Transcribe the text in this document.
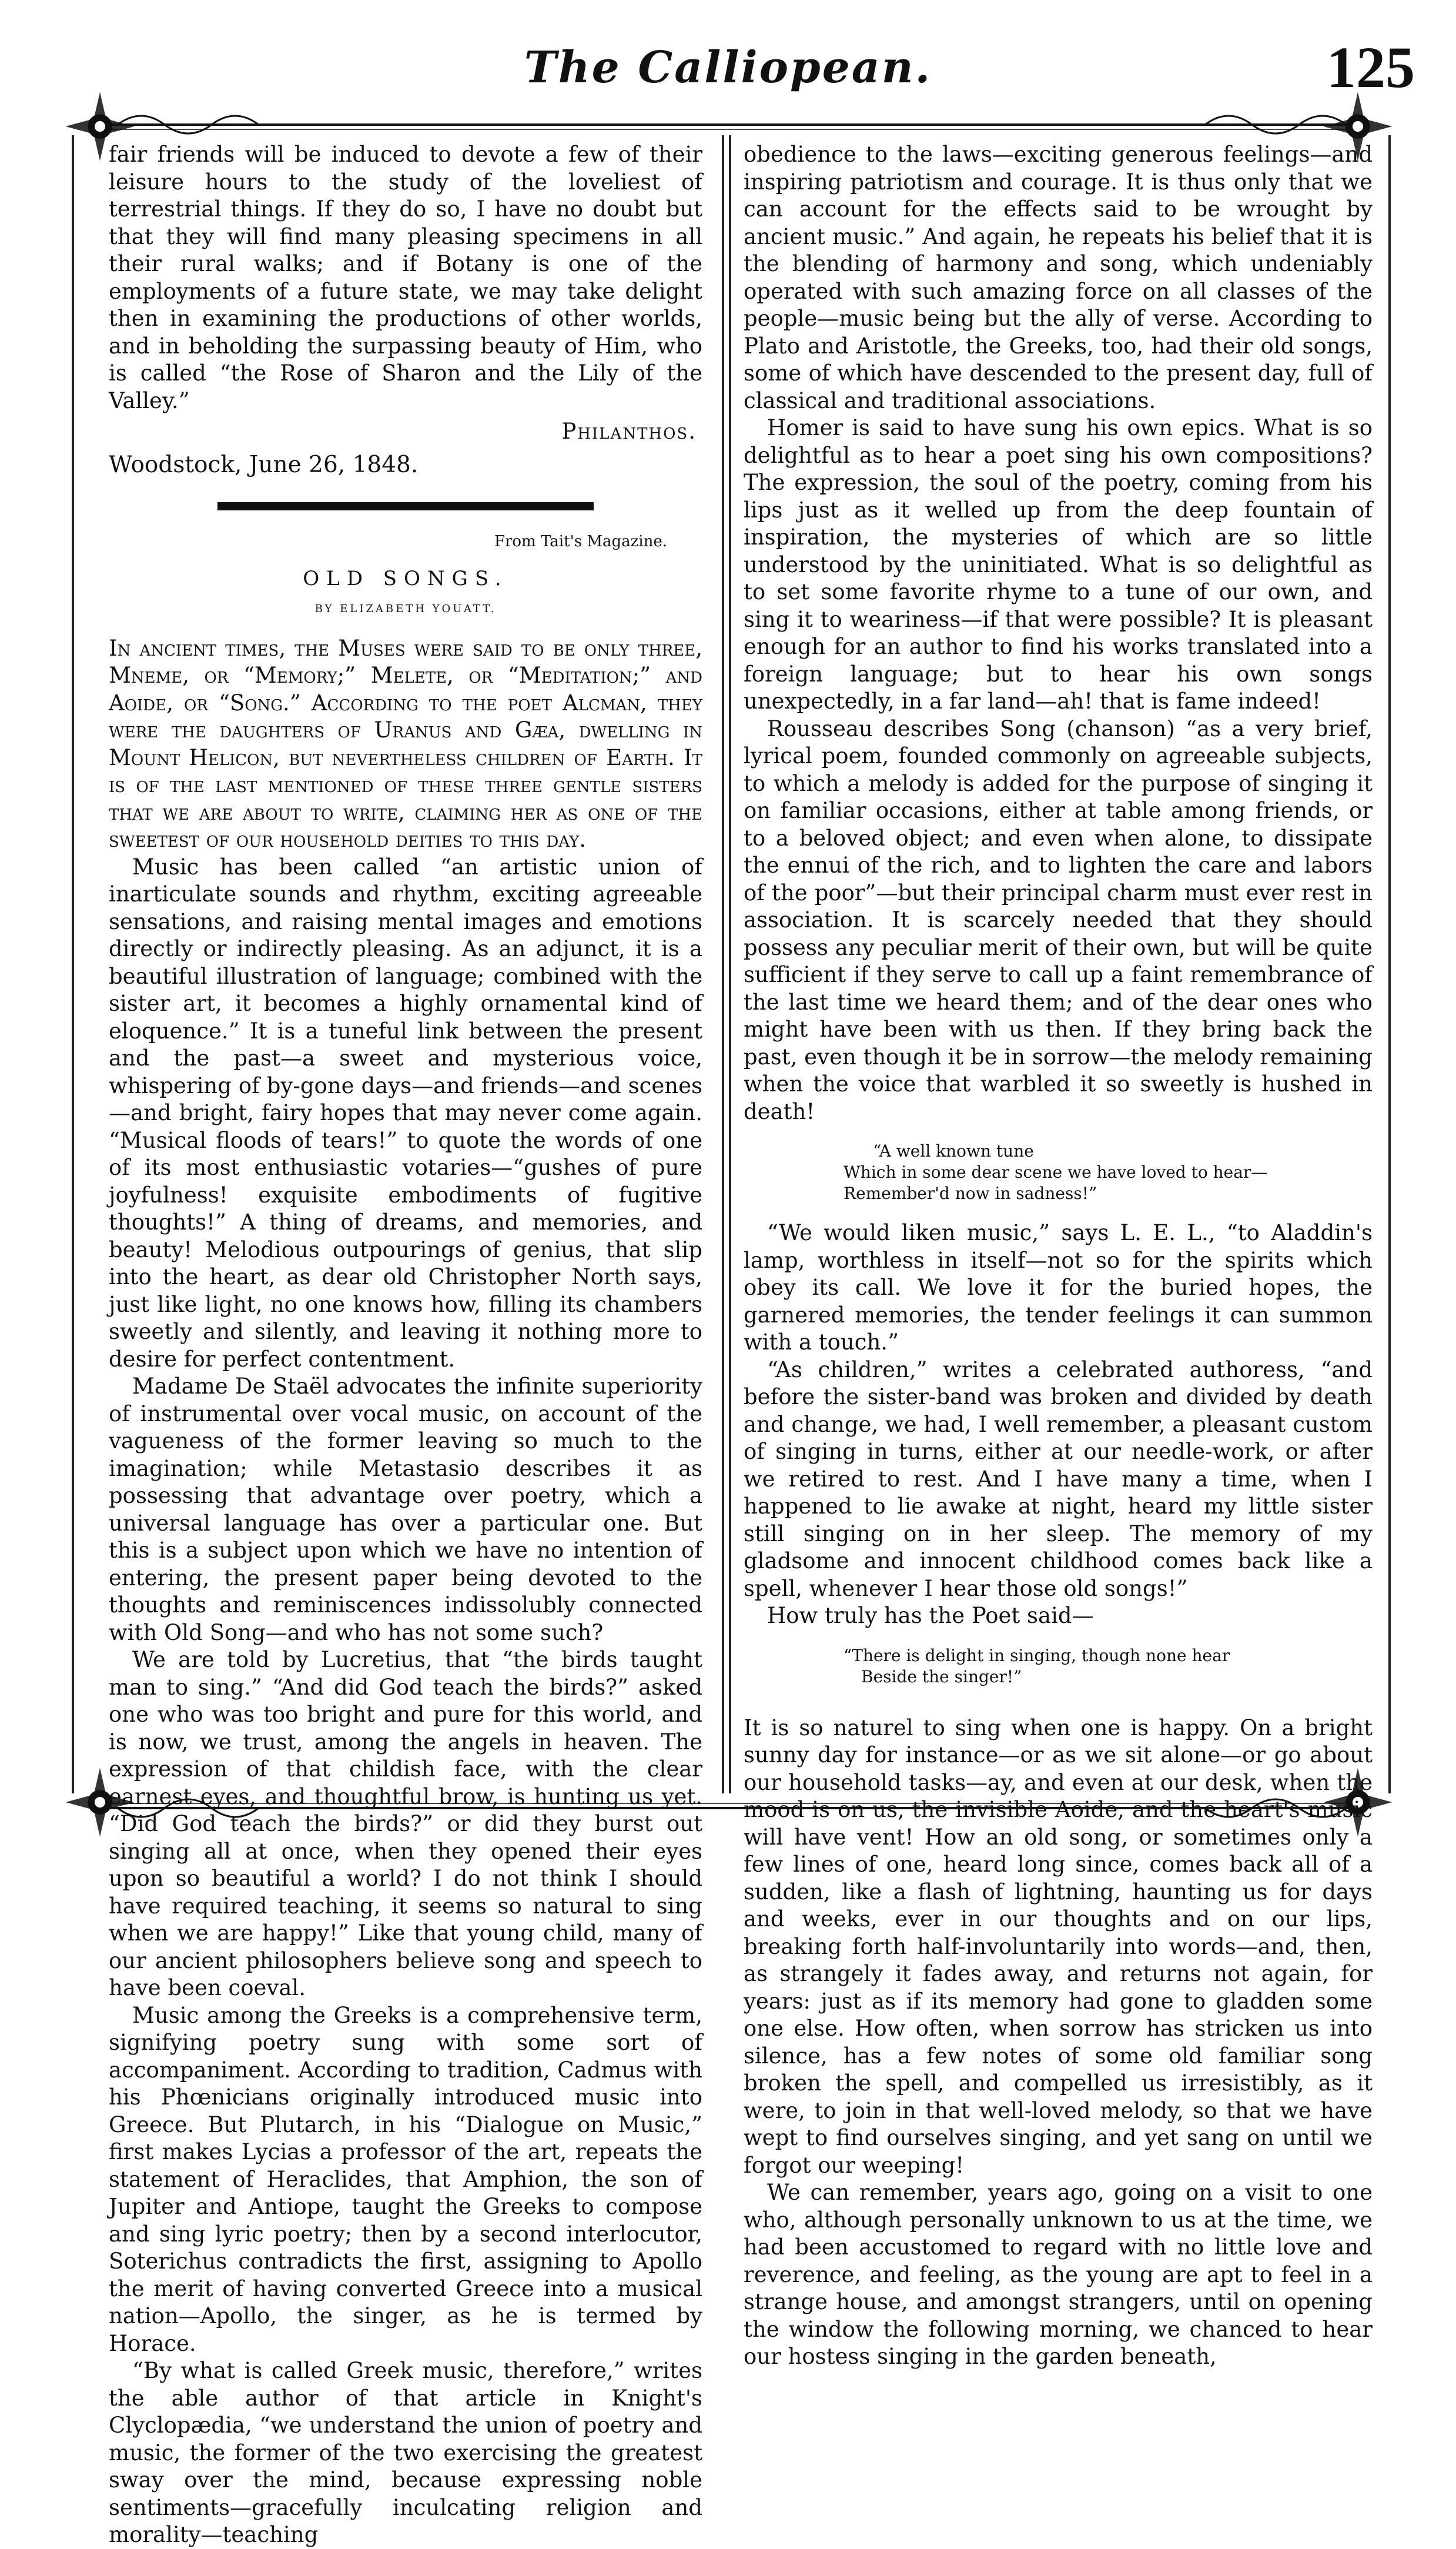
The Calliopean.	125

fair friends will be induced to devote a few of their leisure hours to the study of the loveliest of terrestrial things. If they do so, I have no doubt but that they will find many pleasing specimens in all their rural walks; and if Botany is one of the employments of a future state, we may take delight then in examining the productions of other worlds, and in beholding the surpassing beauty of Him, who is called “the Rose of Sharon and the Lily of the Valley.”

Philanthos.

Woodstock, June 26, 1848.

From Tait's Magazine.
OLD SONGS.
BY ELIZABETH YOUATT.

In ancient times, the Muses were said to be only three, Mneme, or “Memory;” Melete, or “Meditation;” and Aoide, or “Song.” According to the poet Alcman, they were the daughters of Uranus and Gæa, dwelling in Mount Helicon, but nevertheless children of Earth. It is of the last mentioned of these three gentle sisters that we are about to write, claiming her as one of the sweetest of our household deities to this day.

Music has been called “an artistic union of inarticulate sounds and rhythm, exciting agreeable sensations, and raising mental images and emotions directly or indirectly pleasing. As an adjunct, it is a beautiful illustration of language; combined with the sister art, it becomes a highly ornamental kind of eloquence.” It is a tuneful link between the present and the past—a sweet and mysterious voice, whispering of by-gone days—and friends—and scenes—and bright, fairy hopes that may never come again. “Musical floods of tears!” to quote the words of one of its most enthusiastic votaries—“gushes of pure joyfulness! exquisite embodiments of fugitive thoughts!” A thing of dreams, and memories, and beauty! Melodious outpourings of genius, that slip into the heart, as dear old Christopher North says, just like light, no one knows how, filling its chambers sweetly and silently, and leaving it nothing more to desire for perfect contentment.

Madame De Staël advocates the infinite superiority of instrumental over vocal music, on account of the vagueness of the former leaving so much to the imagination; while Metastasio describes it as possessing that advantage over poetry, which a universal language has over a particular one. But this is a subject upon which we have no intention of entering, the present paper being devoted to the thoughts and reminiscences indissolubly connected with Old Song—and who has not some such?

We are told by Lucretius, that “the birds taught man to sing.” “And did God teach the birds?” asked one who was too bright and pure for this world, and is now, we trust, among the angels in heaven. The expression of that childish face, with the clear earnest eyes, and thoughtful brow, is hunting us yet. “Did God teach the birds?” or did they burst out singing all at once, when they opened their eyes upon so beautiful a world? I do not think I should have required teaching, it seems so natural to sing when we are happy!” Like that young child, many of our ancient philosophers believe song and speech to have been coeval.

Music among the Greeks is a comprehensive term, signifying poetry sung with some sort of accompaniment. According to tradition, Cadmus with his Phœnicians originally introduced music into Greece. But Plutarch, in his “Dialogue on Music,” first makes Lycias a professor of the art, repeats the statement of Heraclides, that Amphion, the son of Jupiter and Antiope, taught the Greeks to compose and sing lyric poetry; then by a second interlocutor, Soterichus contradicts the first, assigning to Apollo the merit of having converted Greece into a musical nation—Apollo, the singer, as he is termed by Horace.

“By what is called Greek music, therefore,” writes the able author of that article in Knight's Clyclopædia, “we understand the union of poetry and music, the former of the two exercising the greatest sway over the mind, because expressing noble sentiments—gracefully inculcating religion and morality—teaching

obedience to the laws—exciting generous feelings—and inspiring patriotism and courage. It is thus only that we can account for the effects said to be wrought by ancient music.” And again, he repeats his belief that it is the blending of harmony and song, which undeniably operated with such amazing force on all classes of the people—music being but the ally of verse. According to Plato and Aristotle, the Greeks, too, had their old songs, some of which have descended to the present day, full of classical and traditional associations.

Homer is said to have sung his own epics. What is so delightful as to hear a poet sing his own compositions? The expression, the soul of the poetry, coming from his lips just as it welled up from the deep fountain of inspiration, the mysteries of which are so little understood by the uninitiated. What is so delightful as to set some favorite rhyme to a tune of our own, and sing it to weariness—if that were possible? It is pleasant enough for an author to find his works translated into a foreign language; but to hear his own songs unexpectedly, in a far land—ah! that is fame indeed!

Rousseau describes Song (chanson) “as a very brief, lyrical poem, founded commonly on agreeable subjects, to which a melody is added for the purpose of singing it on familiar occasions, either at table among friends, or to a beloved object; and even when alone, to dissipate the ennui of the rich, and to lighten the care and labors of the poor”—but their principal charm must ever rest in association. It is scarcely needed that they should possess any peculiar merit of their own, but will be quite sufficient if they serve to call up a faint remembrance of the last time we heard them; and of the dear ones who might have been with us then. If they bring back the past, even though it be in sorrow—the melody remaining when the voice that warbled it so sweetly is hushed in death!

“A well known tune
Which in some dear scene we have loved to hear—
Remember'd now in sadness!”

“We would liken music,” says L. E. L., “to Aladdin's lamp, worthless in itself—not so for the spirits which obey its call. We love it for the buried hopes, the garnered memories, the tender feelings it can summon with a touch.”

“As children,” writes a celebrated authoress, “and before the sister-band was broken and divided by death and change, we had, I well remember, a pleasant custom of singing in turns, either at our needle-work, or after we retired to rest. And I have many a time, when I happened to lie awake at night, heard my little sister still singing on in her sleep. The memory of my gladsome and innocent childhood comes back like a spell, whenever I hear those old songs!”

How truly has the Poet said—

“There is delight in singing, though none hear
Beside the singer!”

It is so naturel to sing when one is happy. On a bright sunny day for instance—or as we sit alone—or go about our household tasks—ay, and even at our desk, when the mood is on us, the invisible Aoide, and the heart's music will have vent! How an old song, or sometimes only a few lines of one, heard long since, comes back all of a sudden, like a flash of lightning, haunting us for days and weeks, ever in our thoughts and on our lips, breaking forth half-involuntarily into words—and, then, as strangely it fades away, and returns not again, for years: just as if its memory had gone to gladden some one else. How often, when sorrow has stricken us into silence, has a few notes of some old familiar song broken the spell, and compelled us irresistibly, as it were, to join in that well-loved melody, so that we have wept to find ourselves singing, and yet sang on until we forgot our weeping!

We can remember, years ago, going on a visit to one who, although personally unknown to us at the time, we had been accustomed to regard with no little love and reverence, and feeling, as the young are apt to feel in a strange house, and amongst strangers, until on opening the window the following morning, we chanced to hear our hostess singing in the garden beneath,
